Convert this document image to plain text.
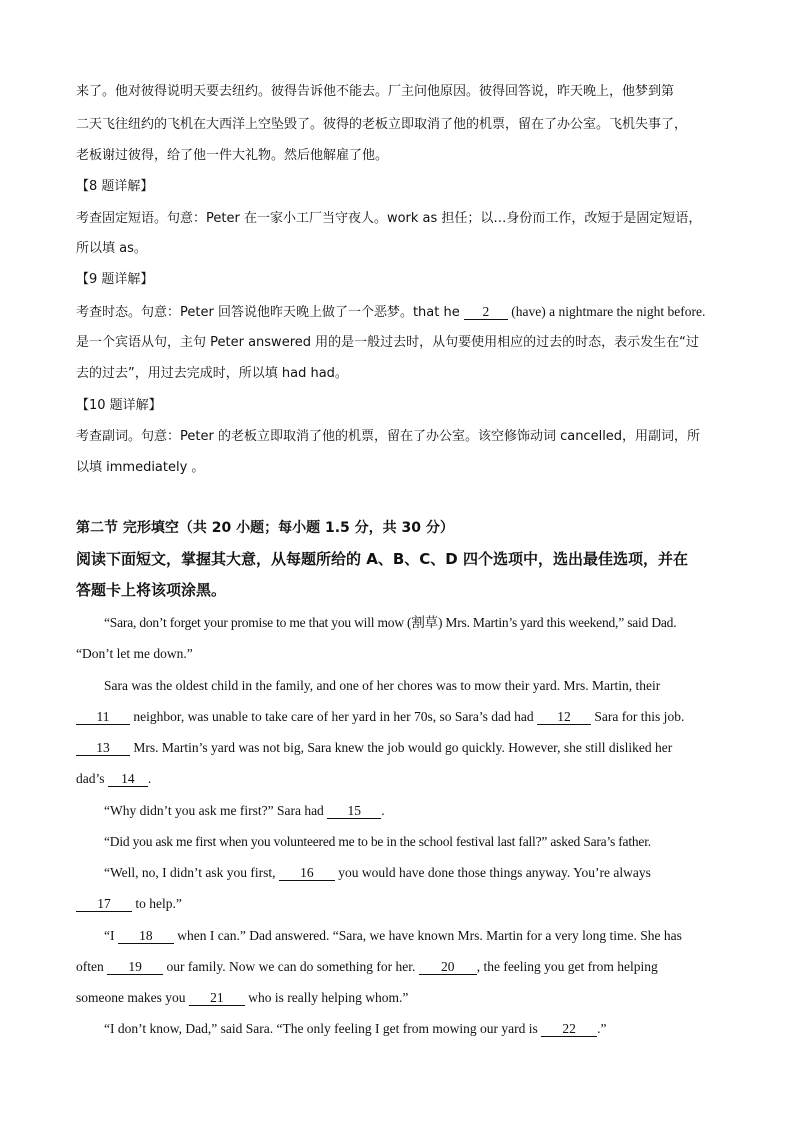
来了。他对彼得说明天要去纽约。彼得告诉他不能去。厂主问他原因。彼得回答说，昨天晚上，他梦到第
二天飞往纽约的飞机在大西洋上空坠毁了。彼得的老板立即取消了他的机票，留在了办公室。飞机失事了，
老板谢过彼得，给了他一件大礼物。然后他解雇了他。
【8 题详解】
考查固定短语。句意：Peter 在一家小工厂当守夜人。work as 担任；以…身份而工作，改短于是固定短语，
所以填 as。
【9 题详解】
考查时态。句意：Peter 回答说他昨天晚上做了一个恶梦。that he 2 (have) a nightmare the night before.
是一个宾语从句，主句 Peter answered 用的是一般过去时，从句要使用相应的过去的时态，表示发生在“过
去的过去”，用过去完成时，所以填 had had。
【10 题详解】
考查副词。句意：Peter 的老板立即取消了他的机票，留在了办公室。该空修饰动词 cancelled，用副词，所
以填 immediately 。
第二节 完形填空（共 20 小题；每小题 1.5 分，共 30 分）
阅读下面短文，掌握其大意，从每题所给的 A、B、C、D 四个选项中，选出最佳选项，并在
答题卡上将该项涂黑。
“Sara, don’t forget your promise to me that you will mow (割草) Mrs. Martin’s yard this weekend,” said Dad.
“Don’t let me down.”
Sara was the oldest child in the family, and one of her chores was to mow their yard. Mrs. Martin, their
11 neighbor, was unable to take care of her yard in her 70s, so Sara’s dad had 12 Sara for this job.
13 Mrs. Martin’s yard was not big, Sara knew the job would go quickly. However, she still disliked her
dad’s 14 .
“Why didn’t you ask me first?” Sara had 15 .
“Did you ask me first when you volunteered me to be in the school festival last fall?” asked Sara’s father.
“Well, no, I didn’t ask you first, 16 you would have done those things anyway. You’re always
17 to help.”
“I 18 when I can.” Dad answered. “Sara, we have known Mrs. Martin for a very long time. She has
often 19 our family. Now we can do something for her. 20 , the feeling you get from helping
someone makes you 21 who is really helping whom.”
“I don’t know, Dad,” said Sara. “The only feeling I get from mowing our yard is 22 .”
